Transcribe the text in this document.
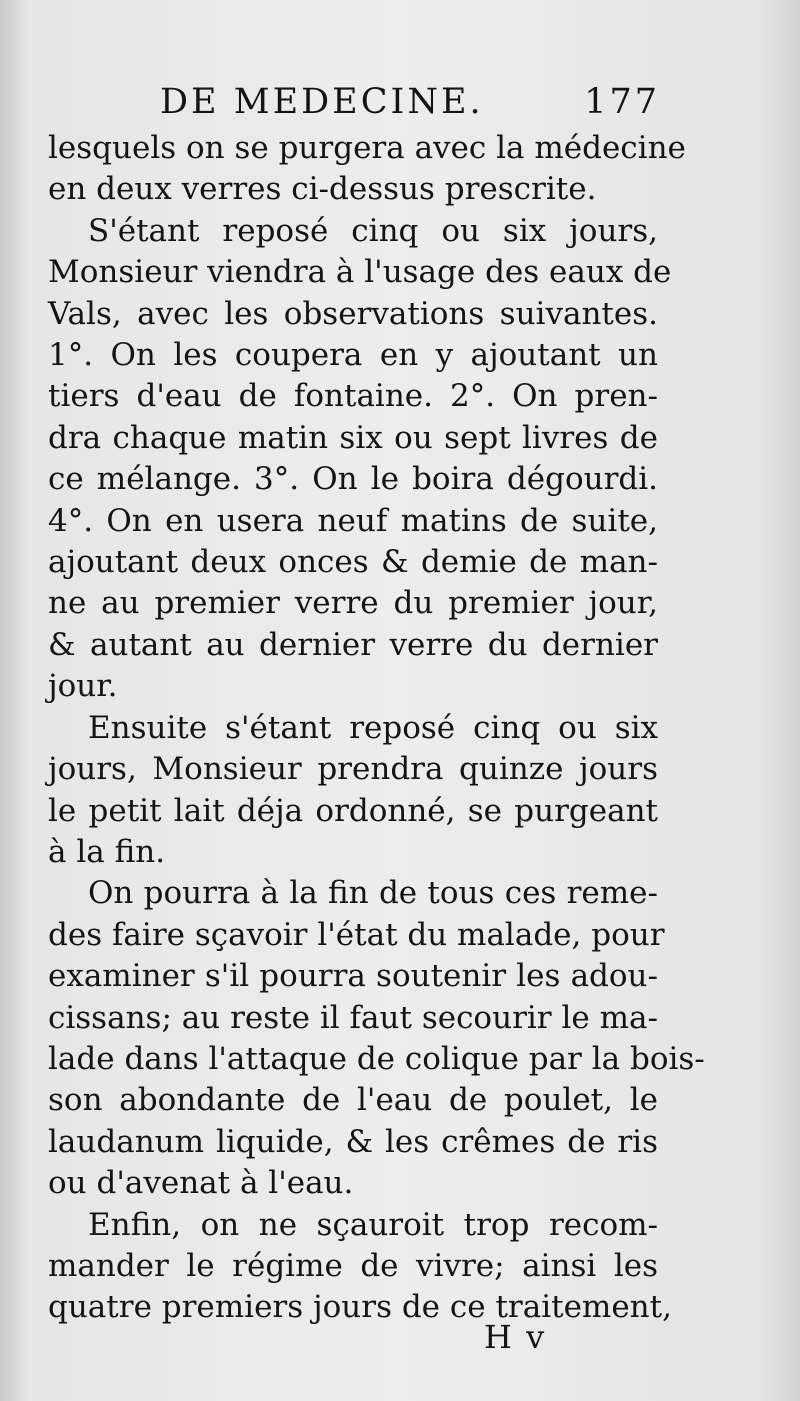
DE MEDECINE.	177

lesquels on se purgera avec la médecine
en deux verres ci-dessus prescrite.

S'étant reposé cinq ou six jours,
Monsieur viendra à l'usage des eaux de
Vals, avec les observations suivantes.
1°. On les coupera en y ajoutant un
tiers d'eau de fontaine. 2°. On pren-
dra chaque matin six ou sept livres de
ce mélange. 3°. On le boira dégourdi.
4°. On en usera neuf matins de suite,
ajoutant deux onces & demie de man-
ne au premier verre du premier jour,
& autant au dernier verre du dernier
jour.

Ensuite s'étant reposé cinq ou six
jours, Monsieur prendra quinze jours
le petit lait déja ordonné, se purgeant
à la fin.

On pourra à la fin de tous ces reme-
des faire sçavoir l'état du malade, pour
examiner s'il pourra soutenir les adou-
cissans; au reste il faut secourir le ma-
lade dans l'attaque de colique par la bois-
son abondante de l'eau de poulet, le
laudanum liquide, & les crêmes de ris
ou d'avenat à l'eau.

Enfin, on ne sçauroit trop recom-
mander le régime de vivre; ainsi les
quatre premiers jours de ce traitement,

H v
